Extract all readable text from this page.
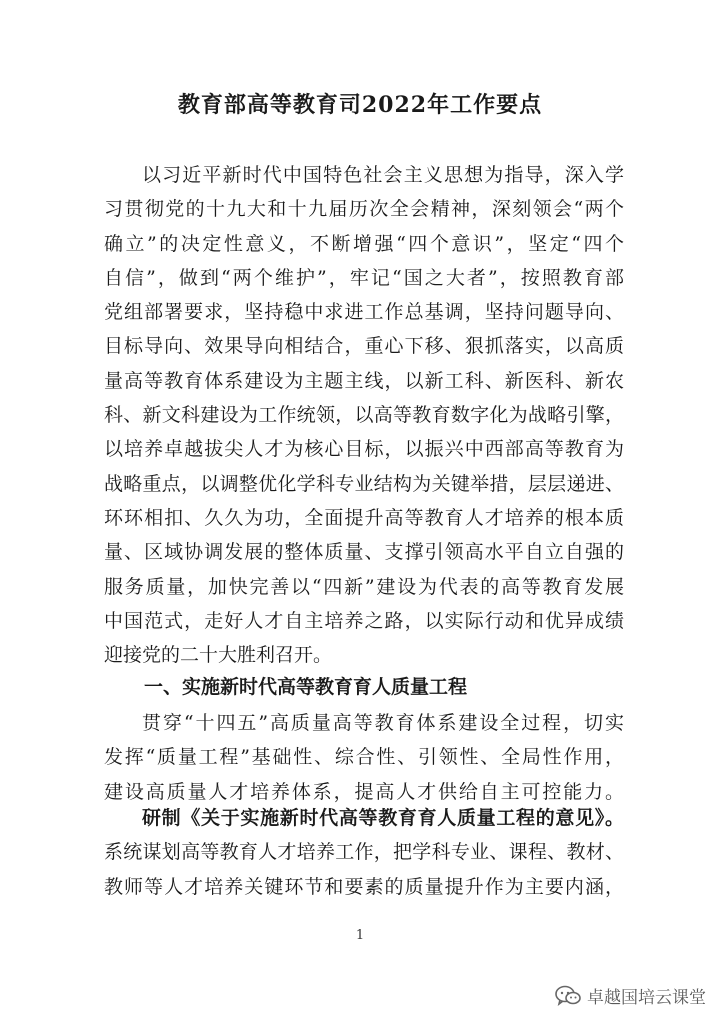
教育部高等教育司2022年工作要点

以习近平新时代中国特色社会主义思想为指导，深入学

习贯彻党的十九大和十九届历次全会精神，深刻领会“两个

确立”的决定性意义，不断增强“四个意识”，坚定“四个

自信”，做到“两个维护”，牢记“国之大者”，按照教育部

党组部署要求，坚持稳中求进工作总基调，坚持问题导向、

目标导向、效果导向相结合，重心下移、狠抓落实，以高质

量高等教育体系建设为主题主线，以新工科、新医科、新农

科、新文科建设为工作统领，以高等教育数字化为战略引擎，

以培养卓越拔尖人才为核心目标，以振兴中西部高等教育为

战略重点，以调整优化学科专业结构为关键举措，层层递进、

环环相扣、久久为功，全面提升高等教育人才培养的根本质

量、区域协调发展的整体质量、支撑引领高水平自立自强的

服务质量，加快完善以“四新”建设为代表的高等教育发展

中国范式，走好人才自主培养之路，以实际行动和优异成绩

迎接党的二十大胜利召开。

一、实施新时代高等教育育人质量工程

贯穿“十四五”高质量高等教育体系建设全过程，切实

发挥“质量工程”基础性、综合性、引领性、全局性作用，

建设高质量人才培养体系，提高人才供给自主可控能力。

研制《关于实施新时代高等教育育人质量工程的意见》。

系统谋划高等教育人才培养工作，把学科专业、课程、教材、

教师等人才培养关键环节和要素的质量提升作为主要内涵，

1
卓越国培云课堂
